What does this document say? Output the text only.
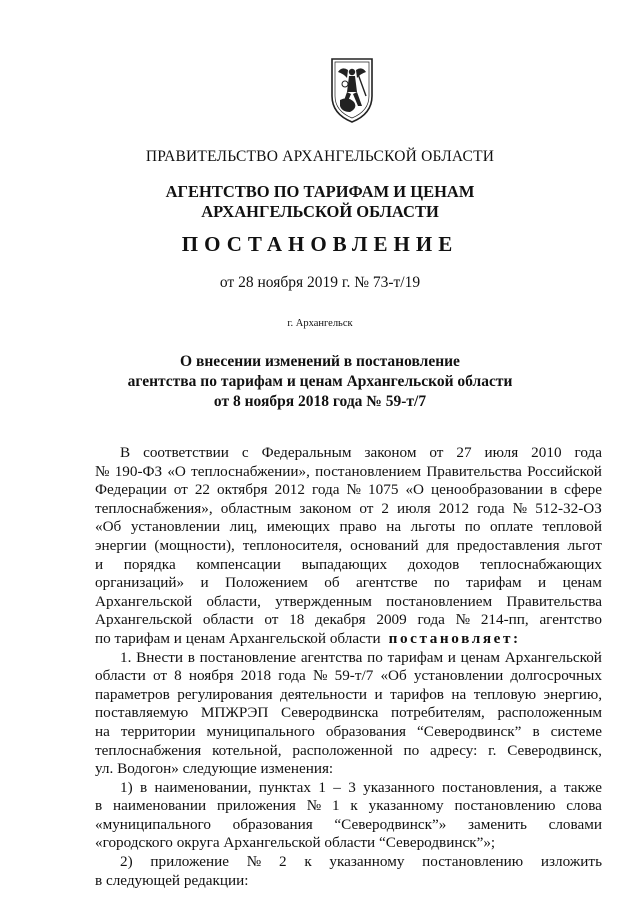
ПРАВИТЕЛЬСТВО АРХАНГЕЛЬСКОЙ ОБЛАСТИ
АГЕНТСТВО ПО ТАРИФАМ И ЦЕНАМ
АРХАНГЕЛЬСКОЙ ОБЛАСТИ
ПОСТАНОВЛЕНИЕ
от 28 ноября 2019 г. № 73-т/19
г. Архангельск
О внесении изменений в постановление
агентства по тарифам и ценам Архангельской области
от 8 ноября 2018 года № 59-т/7
В соответствии с Федеральным законом от 27 июля 2010 года
№ 190-ФЗ «О теплоснабжении», постановлением Правительства Российской
Федерации от 22 октября 2012 года № 1075 «О ценообразовании в сфере
теплоснабжения», областным законом от 2 июля 2012 года № 512-32-ОЗ
«Об установлении лиц, имеющих право на льготы по оплате тепловой
энергии (мощности), теплоносителя, оснований для предоставления льгот
и порядка компенсации выпадающих доходов теплоснабжающих
организаций» и Положением об агентстве по тарифам и ценам
Архангельской области, утвержденным постановлением Правительства
Архангельской области от 18 декабря 2009 года № 214-пп, агентство
по тарифам и ценам Архангельской области постановляет:
1. Внести в постановление агентства по тарифам и ценам Архангельской
области от 8 ноября 2018 года № 59-т/7 «Об установлении долгосрочных
параметров регулирования деятельности и тарифов на тепловую энергию,
поставляемую МПЖРЭП Северодвинска потребителям, расположенным
на территории муниципального образования “Северодвинск” в системе
теплоснабжения котельной, расположенной по адресу: г. Северодвинск,
ул. Водогон» следующие изменения:
1) в наименовании, пунктах 1 – 3 указанного постановления, а также
в наименовании приложения № 1 к указанному постановлению слова
«муниципального образования “Северодвинск”» заменить словами
«городского округа Архангельской области “Северодвинск”»;
2) приложение № 2 к указанному постановлению изложить
в следующей редакции:
